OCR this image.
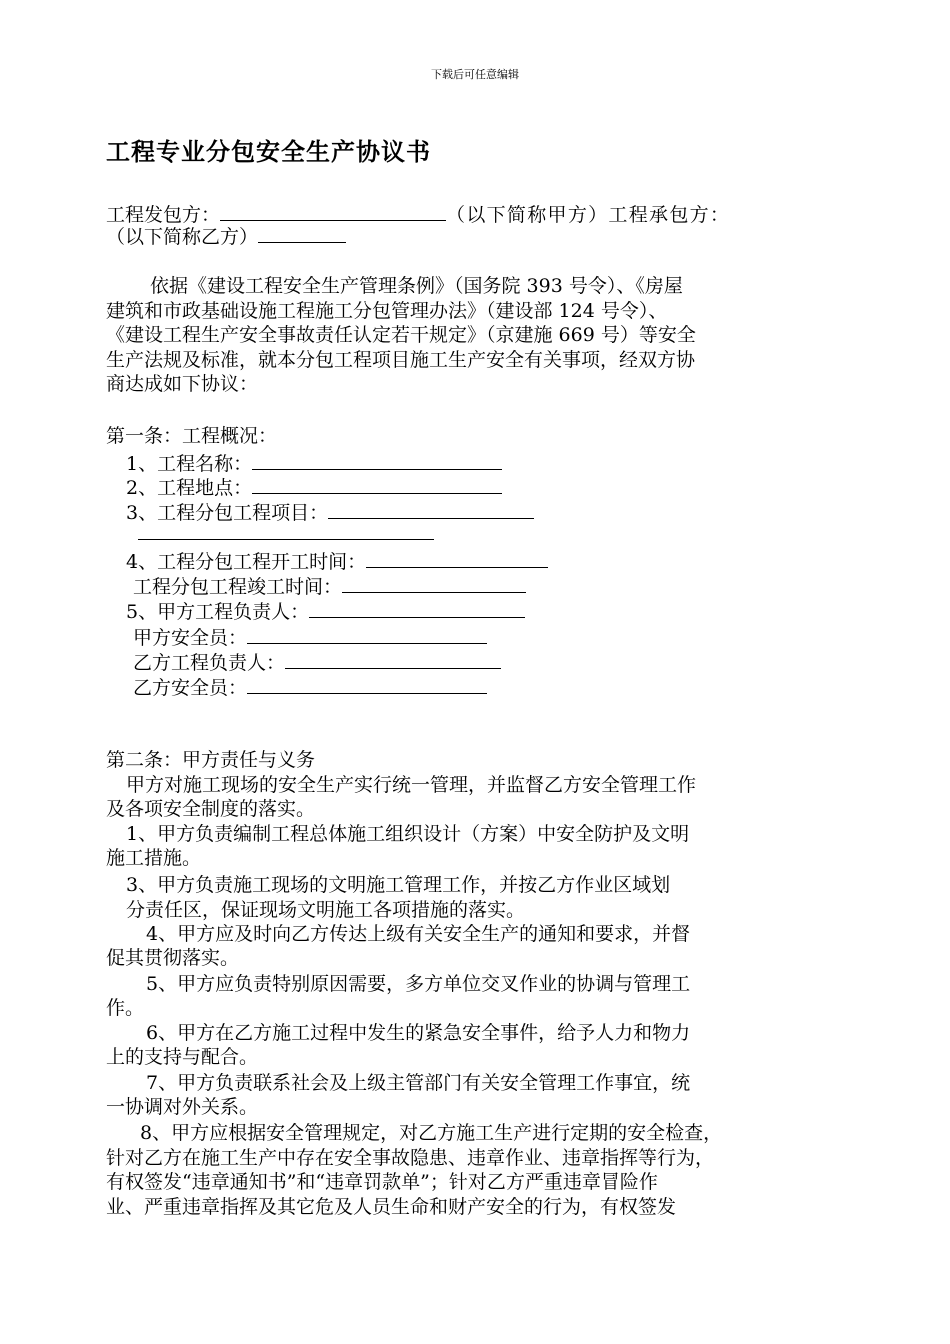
下载后可任意编辑
工程专业分包安全生产协议书
工程发包方：	（以下简称甲方）工程承包方：
（以下简称乙方）
依据《建设工程安全生产管理条例》（国务院 393 号令）、《房屋
建筑和市政基础设施工程施工分包管理办法》（建设部 124 号令）、
《建设工程生产安全事故责任认定若干规定》（京建施 669 号）等安全
生产法规及标准，就本分包工程项目施工生产安全有关事项，经双方协
商达成如下协议：
第一条：工程概况：
1、工程名称：
2、工程地点：
3、工程分包工程项目：
4、工程分包工程开工时间：
工程分包工程竣工时间：
5、甲方工程负责人：
甲方安全员：
乙方工程负责人：
乙方安全员：
第二条：甲方责任与义务
甲方对施工现场的安全生产实行统一管理，并监督乙方安全管理工作
及各项安全制度的落实。
1、甲方负责编制工程总体施工组织设计（方案）中安全防护及文明
施工措施。
3、甲方负责施工现场的文明施工管理工作，并按乙方作业区域划
分责任区，保证现场文明施工各项措施的落实。
4、甲方应及时向乙方传达上级有关安全生产的通知和要求，并督
促其贯彻落实。
5、甲方应负责特别原因需要，多方单位交叉作业的协调与管理工
作。
6、甲方在乙方施工过程中发生的紧急安全事件，给予人力和物力
上的支持与配合。
7、甲方负责联系社会及上级主管部门有关安全管理工作事宜，统
一协调对外关系。
8、甲方应根据安全管理规定，对乙方施工生产进行定期的安全检查，
针对乙方在施工生产中存在安全事故隐患、违章作业、违章指挥等行为，
有权签发“违章通知书”和“违章罚款单”；针对乙方严重违章冒险作
业、严重违章指挥及其它危及人员生命和财产安全的行为，有权签发
